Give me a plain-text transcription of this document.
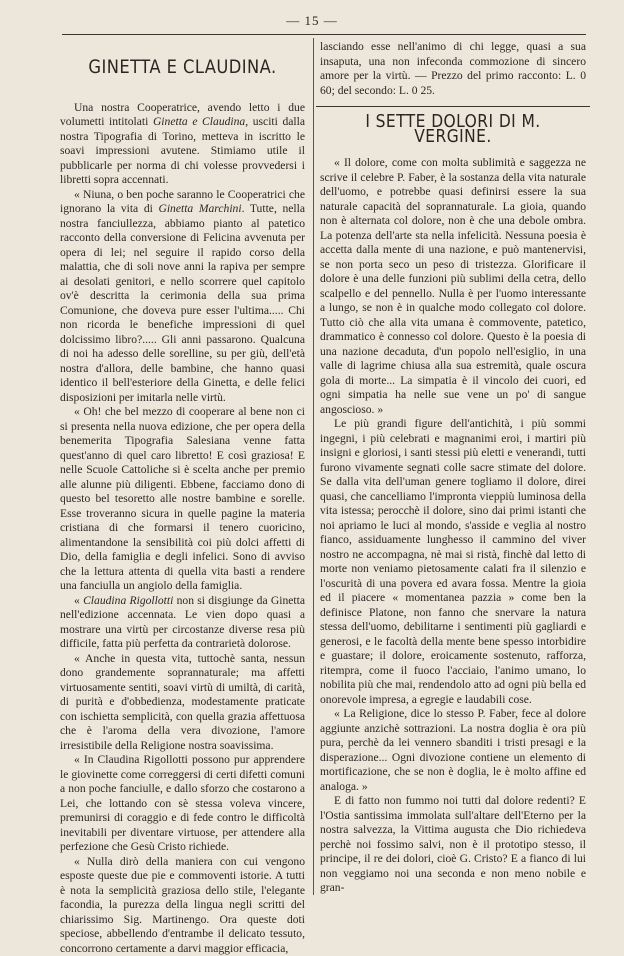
— 15 —
GINETTA E CLAUDINA.

Una nostra Cooperatrice, avendo letto i due volumetti intitolati Ginetta e Claudina, usciti dalla nostra Tipografia di Torino, metteva in iscritto le soavi impressioni avutene. Stimiamo utile il pubblicarle per norma di chi volesse provvedersi i libretti sopra accennati.

« Niuna, o ben poche saranno le Cooperatrici che ignorano la vita di Ginetta Marchini. Tutte, nella nostra fanciullezza, abbiamo pianto al patetico racconto della conversione di Felicina avvenuta per opera di lei; nel seguire il rapido corso della malattia, che di soli nove anni la rapiva per sempre ai desolati genitori, e nello scorrere quel capitolo ov'è descritta la cerimonia della sua prima Comunione, che doveva pure esser l'ultima..... Chi non ricorda le benefiche impressioni di quel dolcissimo libro?..... Gli anni passarono. Qualcuna di noi ha adesso delle sorelline, su per giù, dell'età nostra d'allora, delle bambine, che hanno quasi identico il bell'esteriore della Ginetta, e delle felici disposizioni per imitarla nelle virtù.

« Oh! che bel mezzo di cooperare al bene non ci si presenta nella nuova edizione, che per opera della benemerita Tipografia Salesiana venne fatta quest'anno di quel caro libretto! E così graziosa! E nelle Scuole Cattoliche si è scelta anche per premio alle alunne più diligenti. Ebbene, facciamo dono di questo bel tesoretto alle nostre bambine e sorelle. Esse troveranno sicura in quelle pagine la materia cristiana di che formarsi il tenero cuoricino, alimentandone la sensibilità coi più dolci affetti di Dio, della famiglia e degli infelici. Sono di avviso che la lettura attenta di quella vita basti a rendere una fanciulla un angiolo della famiglia.

« Claudina Rigollotti non si disgiunge da Ginetta nell'edizione accennata. Le vien dopo quasi a mostrare una virtù per circostanze diverse resa più difficile, fatta più perfetta da contrarietà dolorose.

« Anche in questa vita, tuttochè santa, nessun dono grandemente soprannaturale; ma affetti virtuosamente sentiti, soavi virtù di umiltà, di carità, di purità e d'obbedienza, modestamente praticate con ischietta semplicità, con quella grazia affettuosa che è l'aroma della vera divozione, l'amore irresistibile della Religione nostra soavissima.

« In Claudina Rigollotti possono pur apprendere le giovinette come correggersi di certi difetti comuni a non poche fanciulle, e dallo sforzo che costarono a Lei, che lottando con sè stessa voleva vincere, premunirsi di coraggio e di fede contro le difficoltà inevitabili per diventare virtuose, per attendere alla perfezione che Gesù Cristo richiede.

« Nulla dirò della maniera con cui vengono esposte queste due pie e commoventi istorie. A tutti è nota la semplicità graziosa dello stile, l'elegante facondia, la purezza della lingua negli scritti del chiarissimo Sig. Martinengo. Ora queste doti speciose, abbellendo d'entrambe il delicato tessuto, concorrono certamente a darvi maggior efficacia,

lasciando esse nell'animo di chi legge, quasi a sua insaputa, una non infeconda commozione di sincero amore per la virtù. — Prezzo del primo racconto: L. 0 60; del secondo: L. 0 25.

I SETTE DOLORI DI M. VERGINE.

« Il dolore, come con molta sublimità e saggezza ne scrive il celebre P. Faber, è la sostanza della vita naturale dell'uomo, e potrebbe quasi definirsi essere la sua naturale capacità del soprannaturale. La gioia, quando non è alternata col dolore, non è che una debole ombra. La potenza dell'arte sta nella infelicità. Nessuna poesia è accetta dalla mente di una nazione, e può mantenervisi, se non porta seco un peso di tristezza. Glorificare il dolore è una delle funzioni più sublimi della cetra, dello scalpello e del pennello. Nulla è per l'uomo interessante a lungo, se non è in qualche modo collegato col dolore. Tutto ciò che alla vita umana è commovente, patetico, drammatico è connesso col dolore. Questo è la poesia di una nazione decaduta, d'un popolo nell'esiglio, in una valle di lagrime chiusa alla sua estremità, quale oscura gola di morte... La simpatia è il vincolo dei cuori, ed ogni simpatia ha nelle sue vene un po' di sangue angoscioso. »

Le più grandi figure dell'antichità, i più sommi ingegni, i più celebrati e magnanimi eroi, i martiri più insigni e gloriosi, i santi stessi più eletti e venerandi, tutti furono vivamente segnati colle sacre stimate del dolore. Se dalla vita dell'uman genere togliamo il dolore, direi quasi, che cancelliamo l'impronta vieppiù luminosa della vita istessa; perocchè il dolore, sino dai primi istanti che noi apriamo le luci al mondo, s'asside e veglia al nostro fianco, assiduamente lunghesso il cammino del viver nostro ne accompagna, nè mai si ristà, finchè dal letto di morte non veniamo pietosamente calati fra il silenzio e l'oscurità di una povera ed avara fossa. Mentre la gioia ed il piacere « momentanea pazzia » come ben la definisce Platone, non fanno che snervare la natura stessa dell'uomo, debilitarne i sentimenti più gagliardi e generosi, e le facoltà della mente bene spesso intorbidire e guastare; il dolore, eroicamente sostenuto, rafforza, ritempra, come il fuoco l'acciaio, l'animo umano, lo nobilita più che mai, rendendolo atto ad ogni più bella ed onorevole impresa, a egregie e laudabili cose.

« La Religione, dice lo stesso P. Faber, fece al dolore aggiunte anzichè sottrazioni. La nostra doglia è ora più pura, perchè da lei vennero sbanditi i tristi presagi e la disperazione... Ogni divozione contiene un elemento di mortificazione, che se non è doglia, le è molto affine ed analoga. »

E di fatto non fummo noi tutti dal dolore redenti? E l'Ostia santissima immolata sull'altare dell'Eterno per la nostra salvezza, la Vittima augusta che Dio richiedeva perchè noi fossimo salvi, non è il prototipo stesso, il principe, il re dei dolori, cioè G. Cristo? E a fianco di lui non veggiamo noi una seconda e non meno nobile e gran-
